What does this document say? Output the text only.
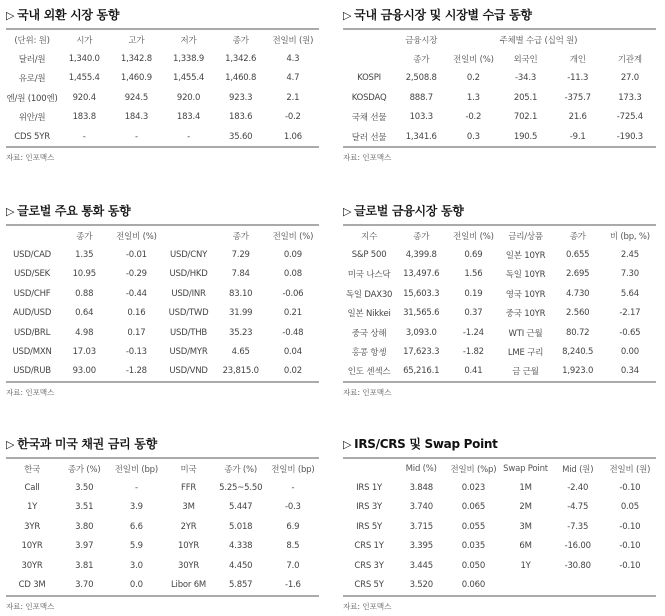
▷ 국내 외환 시장 동향
(단위: 원)	시가	고가	저가	종가	전일비 (원)
달러/원	1,340.0	1,342.8	1,338.9	1,342.6	4.3
유로/원	1,455.4	1,460.9	1,455.4	1,460.8	4.7
엔/원 (100엔)	920.4	924.5	920.0	923.3	2.1
위안/원	183.8	184.3	183.4	183.6	-0.2
CDS 5YR	-	-	-	35.60	1.06
자료: 인포맥스
▷ 국내 금융시장 및 시장별 수급 동향
	금융시장		주체별 수급 (십억 원)		
	종가	전일비 (%)	외국인	개인	기관계
KOSPI	2,508.8	0.2	-34.3	-11.3	27.0
KOSDAQ	888.7	1.3	205.1	-375.7	173.3
국채 선물	103.3	-0.2	702.1	21.6	-725.4
달러 선물	1,341.6	0.3	190.5	-9.1	-190.3
자료: 인포맥스
▷ 글로벌 주요 통화 동향
	종가	전일비 (%)		종가	전일비 (%)
USD/CAD	1.35	-0.01	USD/CNY	7.29	0.09
USD/SEK	10.95	-0.29	USD/HKD	7.84	0.08
USD/CHF	0.88	-0.44	USD/INR	83.10	-0.06
AUD/USD	0.64	0.16	USD/TWD	31.99	0.21
USD/BRL	4.98	0.17	USD/THB	35.23	-0.48
USD/MXN	17.03	-0.13	USD/MYR	4.65	0.04
USD/RUB	93.00	-1.28	USD/VND	23,815.0	0.02
자료: 인포맥스
▷ 글로벌 금융시장 동향
지수	종가	전일비 (%)	금리/상품	종가	비 (bp, %)
S&P 500	4,399.8	0.69	일본 10YR	0.655	2.45
미국 나스닥	13,497.6	1.56	독일 10YR	2.695	7.30
독일 DAX30	15,603.3	0.19	영국 10YR	4.730	5.64
일본 Nikkei	31,565.6	0.37	중국 10YR	2.560	-2.17
중국 상해	3,093.0	-1.24	WTI 근월	80.72	-0.65
홍콩 항셍	17,623.3	-1.82	LME 구리	8,240.5	0.00
인도 센섹스	65,216.1	0.41	금 근월	1,923.0	0.34
자료: 인포맥스
▷ 한국과 미국 채권 금리 동향
한국	종가 (%)	전일비 (bp)	미국	종가 (%)	전일비 (bp)
Call	3.50	-	FFR	5.25~5.50	-
1Y	3.51	3.9	3M	5.447	-0.3
3YR	3.80	6.6	2YR	5.018	6.9
10YR	3.97	5.9	10YR	4.338	8.5
30YR	3.81	3.0	30YR	4.450	7.0
CD 3M	3.70	0.0	Libor 6M	5.857	-1.6
자료: 인포맥스
▷ IRS/CRS 및 Swap Point
	Mid (%)	전일비 (%p)	Swap Point	Mid (원)	전일비 (원)
IRS 1Y	3.848	0.023	1M	-2.40	-0.10
IRS 3Y	3.740	0.065	2M	-4.75	0.05
IRS 5Y	3.715	0.055	3M	-7.35	-0.10
CRS 1Y	3.395	0.035	6M	-16.00	-0.10
CRS 3Y	3.445	0.050	1Y	-30.80	-0.10
CRS 5Y	3.520	0.060			
자료: 인포맥스
